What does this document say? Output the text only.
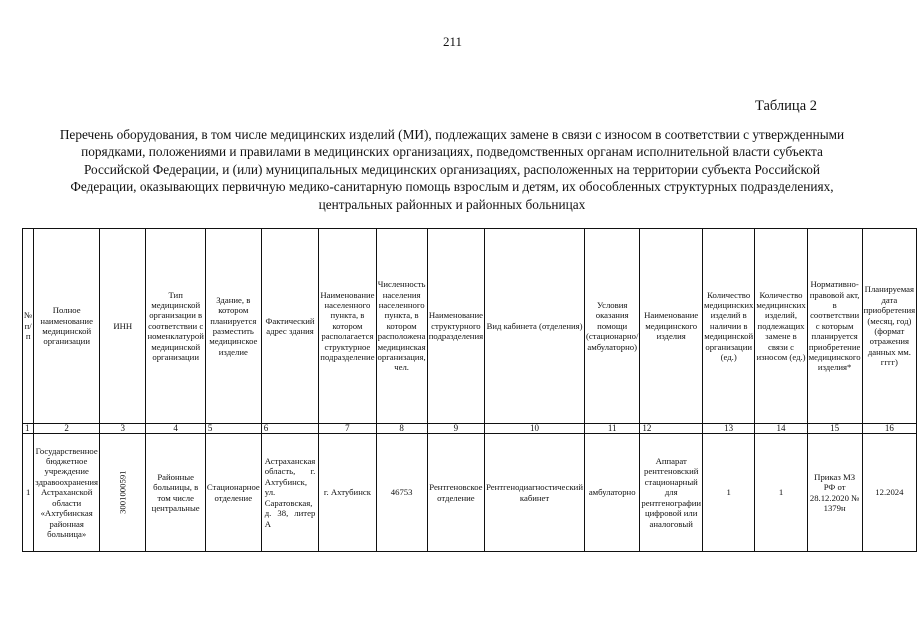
211
Таблица 2
Перечень оборудования, в том числе медицинских изделий (МИ), подлежащих замене в связи с износом в соответствии с утвержденными порядками, положениями и правилами в медицинских организациях, подведомственных органам исполнительной власти субъекта Российской Федерации, и (или) муниципальных медицинских организациях, расположенных на территории субъекта Российской Федерации, оказывающих первичную медико-санитарную помощь взрослым и детям, их обособленных структурных подразделениях, центральных районных и районных больницах
№ п/п	Полное наименование медицинской организации	ИНН	Тип медицинской организации в соответствии с номенклатурой медицинской организации	Здание, в котором планируется разместить медицинское изделие	Фактический адрес здания	Наименование населенного пункта, в котором располагается структурное подразделение	Численность населения населенного пункта, в котором расположена медицинская организация, чел.	Наименование структурного подразделения	Вид кабинета (отделения)	Условия оказания помощи (стационарно/амбулаторно)	Наименование медицинского изделия	Количество медицинских изделий в наличии в медицинской организации (ед.)	Количество медицинских изделий, подлежащих замене в связи с износом (ед.)	Нормативно-правовой акт, в соответствии с которым планируется приобретение медицинского изделия*	Планируемая дата приобретения (месяц, год) (формат отражения данных мм. гггг)
1	2	3	4	5	6	7	8	9	10	11	12	13	14	15	16
1	Государственное бюджетное учреждение здравоохранения Астраханской области «Ахтубинская районная больница»	3001000591	Районные больницы, в том числе центральные	Стационарное отделение	Астраханская область, г. Ахтубинск, ул. Саратовская, д. 38, литер А	г. Ахтубинск	46753	Рентгеновское отделение	Рентгенодиагностический кабинет	амбулаторно	Аппарат рентгеновский стационарный для рентгенографии цифровой или аналоговый	1	1	Приказ МЗ РФ от 28.12.2020 № 1379н	12.2024
